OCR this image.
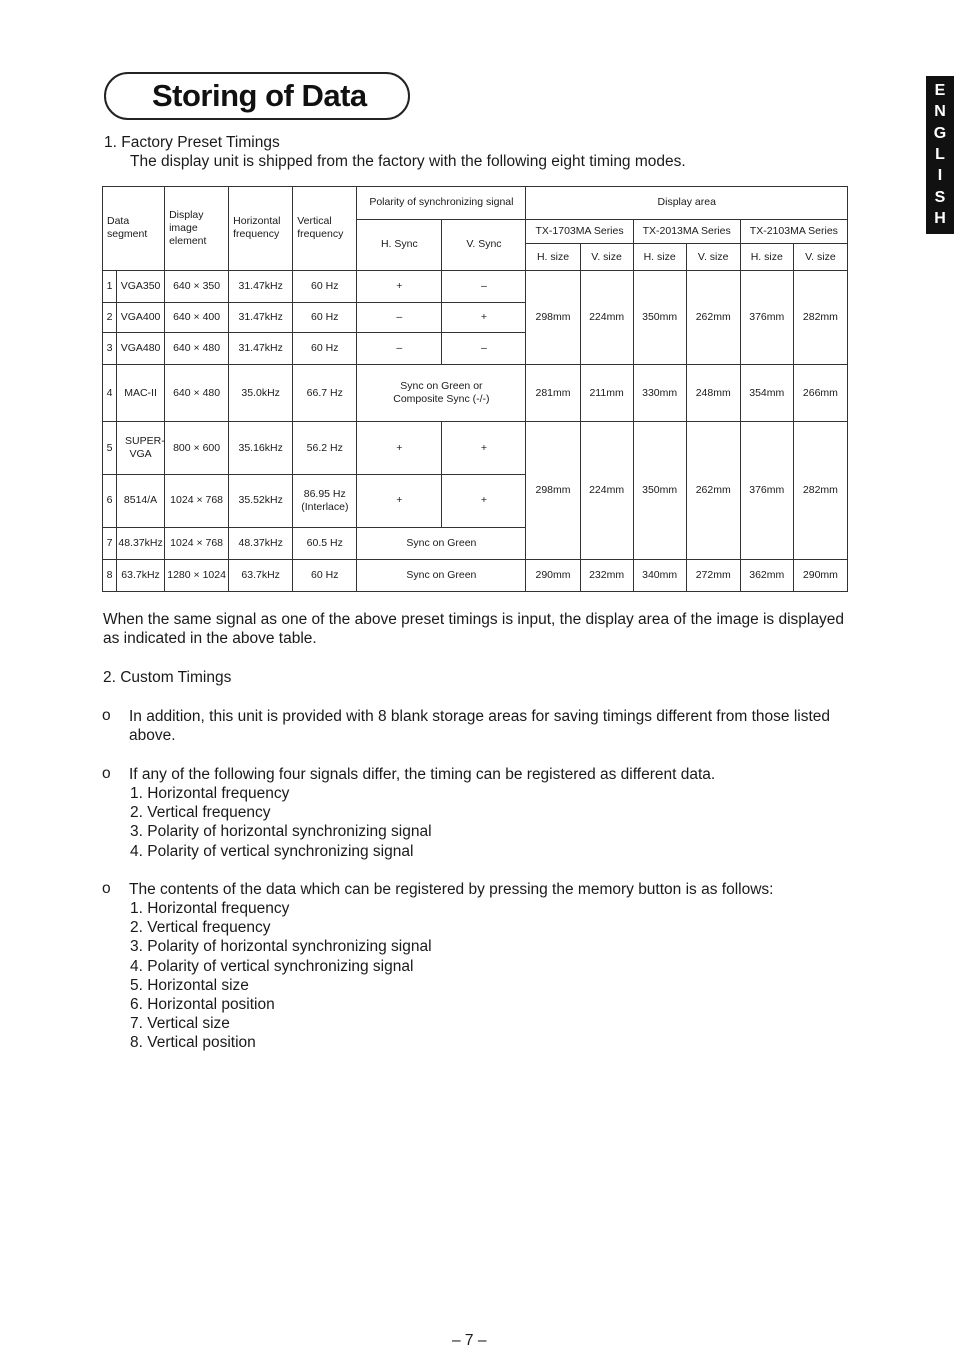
Storing of Data	E
N
G
L
I
S
H
1. Factory Preset Timings
The display unit is shipped from the factory with the following eight timing modes.
Data segment		Display image element	Horizontal frequency	Vertical frequency	Polarity of synchronizing signal		Display area					
					H. Sync	V. Sync	TX-1703MA Series		TX-2013MA Series		TX-2103MA Series	
							H. size	V. size	H. size	V. size	H. size	V. size
1	VGA350	640 × 350	31.47kHz	60 Hz	+	–	298mm	224mm	350mm	262mm	376mm	282mm
2	VGA400	640 × 400	31.47kHz	60 Hz	–	+						
3	VGA480	640 × 480	31.47kHz	60 Hz	–	–						
4	MAC-II	640 × 480	35.0kHz	66.7 Hz	Sync on Green or Composite Sync (-/-)		281mm	211mm	330mm	248mm	354mm	266mm
5	SUPER-VGA	800 × 600	35.16kHz	56.2 Hz	+	+	298mm	224mm	350mm	262mm	376mm	282mm
6	8514/A	1024 × 768	35.52kHz	86.95 Hz (Interlace)	+	+						
7	48.37kHz	1024 × 768	48.37kHz	60.5 Hz	Sync on Green							
8	63.7kHz	1280 × 1024	63.7kHz	60 Hz	Sync on Green		290mm	232mm	340mm	272mm	362mm	290mm
When the same signal as one of the above preset timings is input, the display area of the image is displayed as indicated in the above table.
2. Custom Timings
o In addition, this unit is provided with 8 blank storage areas for saving timings different from those listed above.
o If any of the following four signals differ, the timing can be registered as different data.
1. Horizontal frequency
2. Vertical frequency
3. Polarity of horizontal synchronizing signal
4. Polarity of vertical synchronizing signal
o The contents of the data which can be registered by pressing the memory button is as follows:
1. Horizontal frequency
2. Vertical frequency
3. Polarity of horizontal synchronizing signal
4. Polarity of vertical synchronizing signal
5. Horizontal size
6. Horizontal position
7. Vertical size
8. Vertical position
– 7 –
